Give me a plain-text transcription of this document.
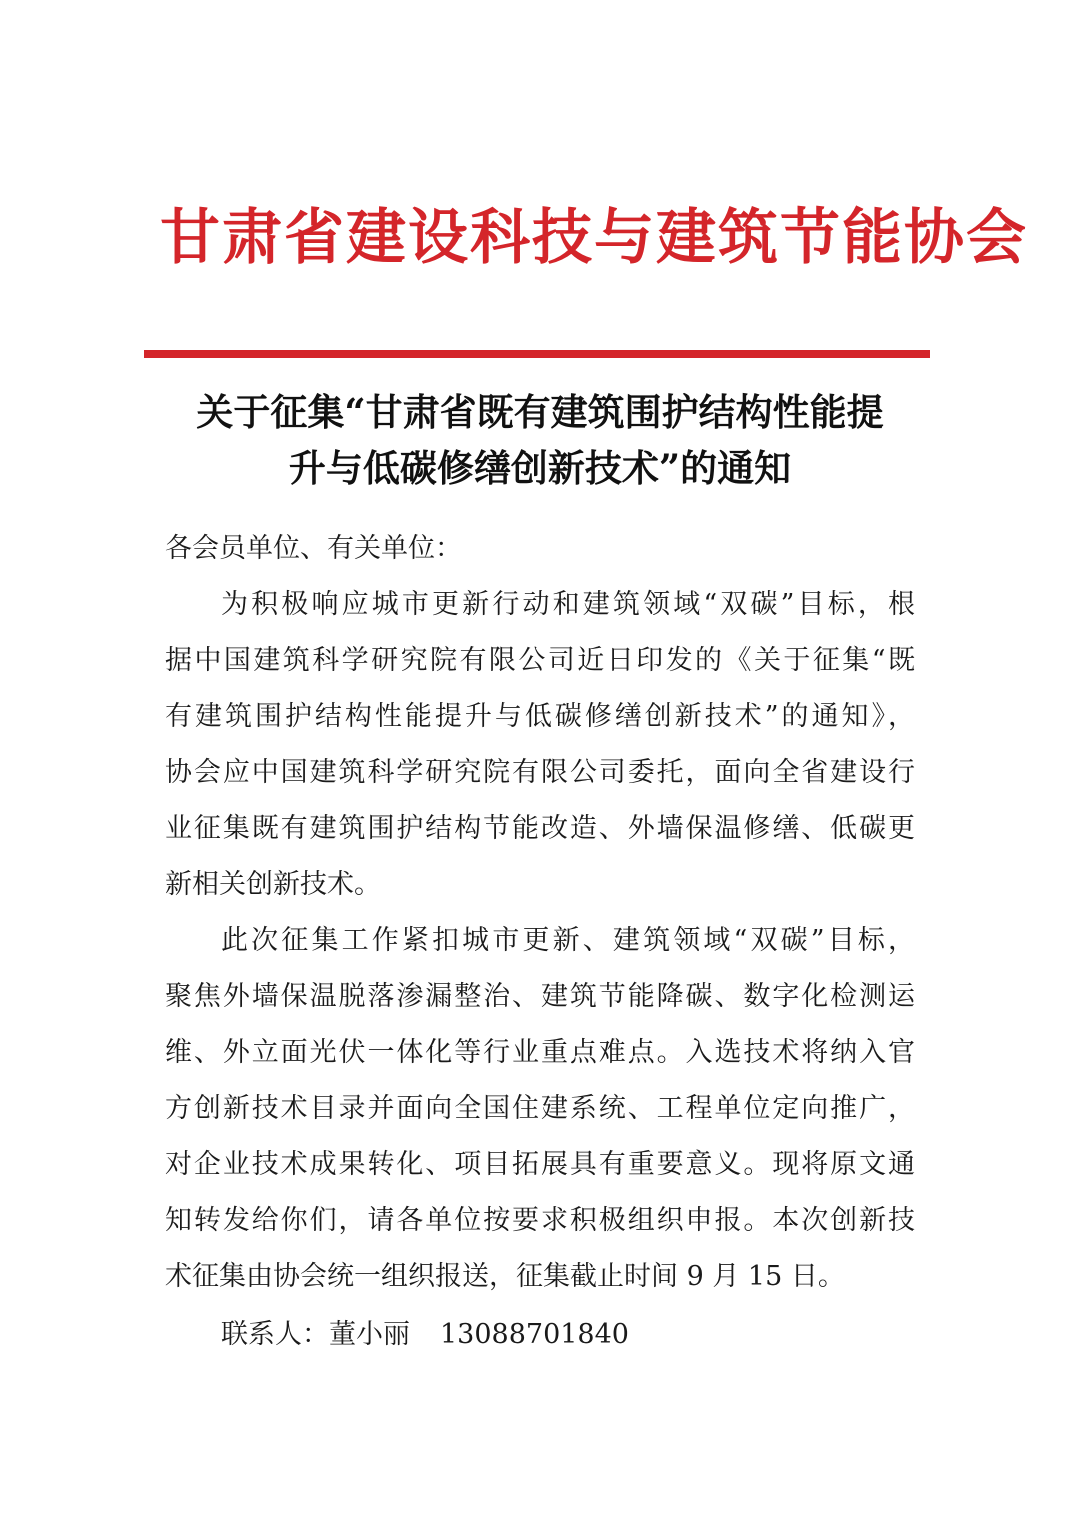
甘肃省建设科技与建筑节能协会
关于征集“甘肃省既有建筑围护结构性能提
升与低碳修缮创新技术”的通知
各会员单位、有关单位：
为积极响应城市更新行动和建筑领域“双碳”目标，根
据中国建筑科学研究院有限公司近日印发的《关于征集“既
有建筑围护结构性能提升与低碳修缮创新技术”的通知》，
协会应中国建筑科学研究院有限公司委托，面向全省建设行
业征集既有建筑围护结构节能改造、外墙保温修缮、低碳更
新相关创新技术。
此次征集工作紧扣城市更新、建筑领域“双碳”目标，
聚焦外墙保温脱落渗漏整治、建筑节能降碳、数字化检测运
维、外立面光伏一体化等行业重点难点。入选技术将纳入官
方创新技术目录并面向全国住建系统、工程单位定向推广，
对企业技术成果转化、项目拓展具有重要意义。现将原文通
知转发给你们，请各单位按要求积极组织申报。本次创新技
术征集由协会统一组织报送，征集截止时间 9 月 15 日。
联系人：董小丽 13088701840
